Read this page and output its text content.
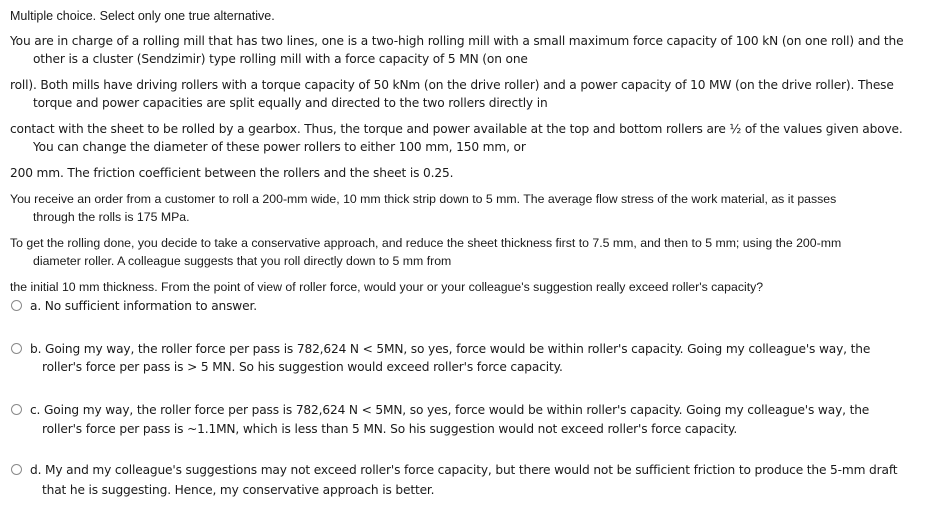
Multiple choice. Select only one true alternative.
You are in charge of a rolling mill that has two lines, one is a two-high rolling mill with a small maximum force capacity of 100 kN (on one roll) and the
other is a cluster (Sendzimir) type rolling mill with a force capacity of 5 MN (on one
roll). Both mills have driving rollers with a torque capacity of 50 kNm (on the drive roller) and a power capacity of 10 MW (on the drive roller). These
torque and power capacities are split equally and directed to the two rollers directly in
contact with the sheet to be rolled by a gearbox. Thus, the torque and power available at the top and bottom rollers are ½ of the values given above.
You can change the diameter of these power rollers to either 100 mm, 150 mm, or
200 mm. The friction coefficient between the rollers and the sheet is 0.25.
You receive an order from a customer to roll a 200-mm wide, 10 mm thick strip down to 5 mm. The average flow stress of the work material, as it passes
through the rolls is 175 MPa.
To get the rolling done, you decide to take a conservative approach, and reduce the sheet thickness first to 7.5 mm, and then to 5 mm; using the 200-mm
diameter roller. A colleague suggests that you roll directly down to 5 mm from
the initial 10 mm thickness. From the point of view of roller force, would your or your colleague's suggestion really exceed roller's capacity?
a. No sufficient information to answer.
b. Going my way, the roller force per pass is 782,624 N < 5MN, so yes, force would be within roller's capacity. Going my colleague's way, the
roller's force per pass is > 5 MN. So his suggestion would exceed roller's force capacity.
c. Going my way, the roller force per pass is 782,624 N < 5MN, so yes, force would be within roller's capacity. Going my colleague's way, the
roller's force per pass is ~1.1MN, which is less than 5 MN. So his suggestion would not exceed roller's force capacity.
d. My and my colleague's suggestions may not exceed roller's force capacity, but there would not be sufficient friction to produce the 5-mm draft
that he is suggesting. Hence, my conservative approach is better.
